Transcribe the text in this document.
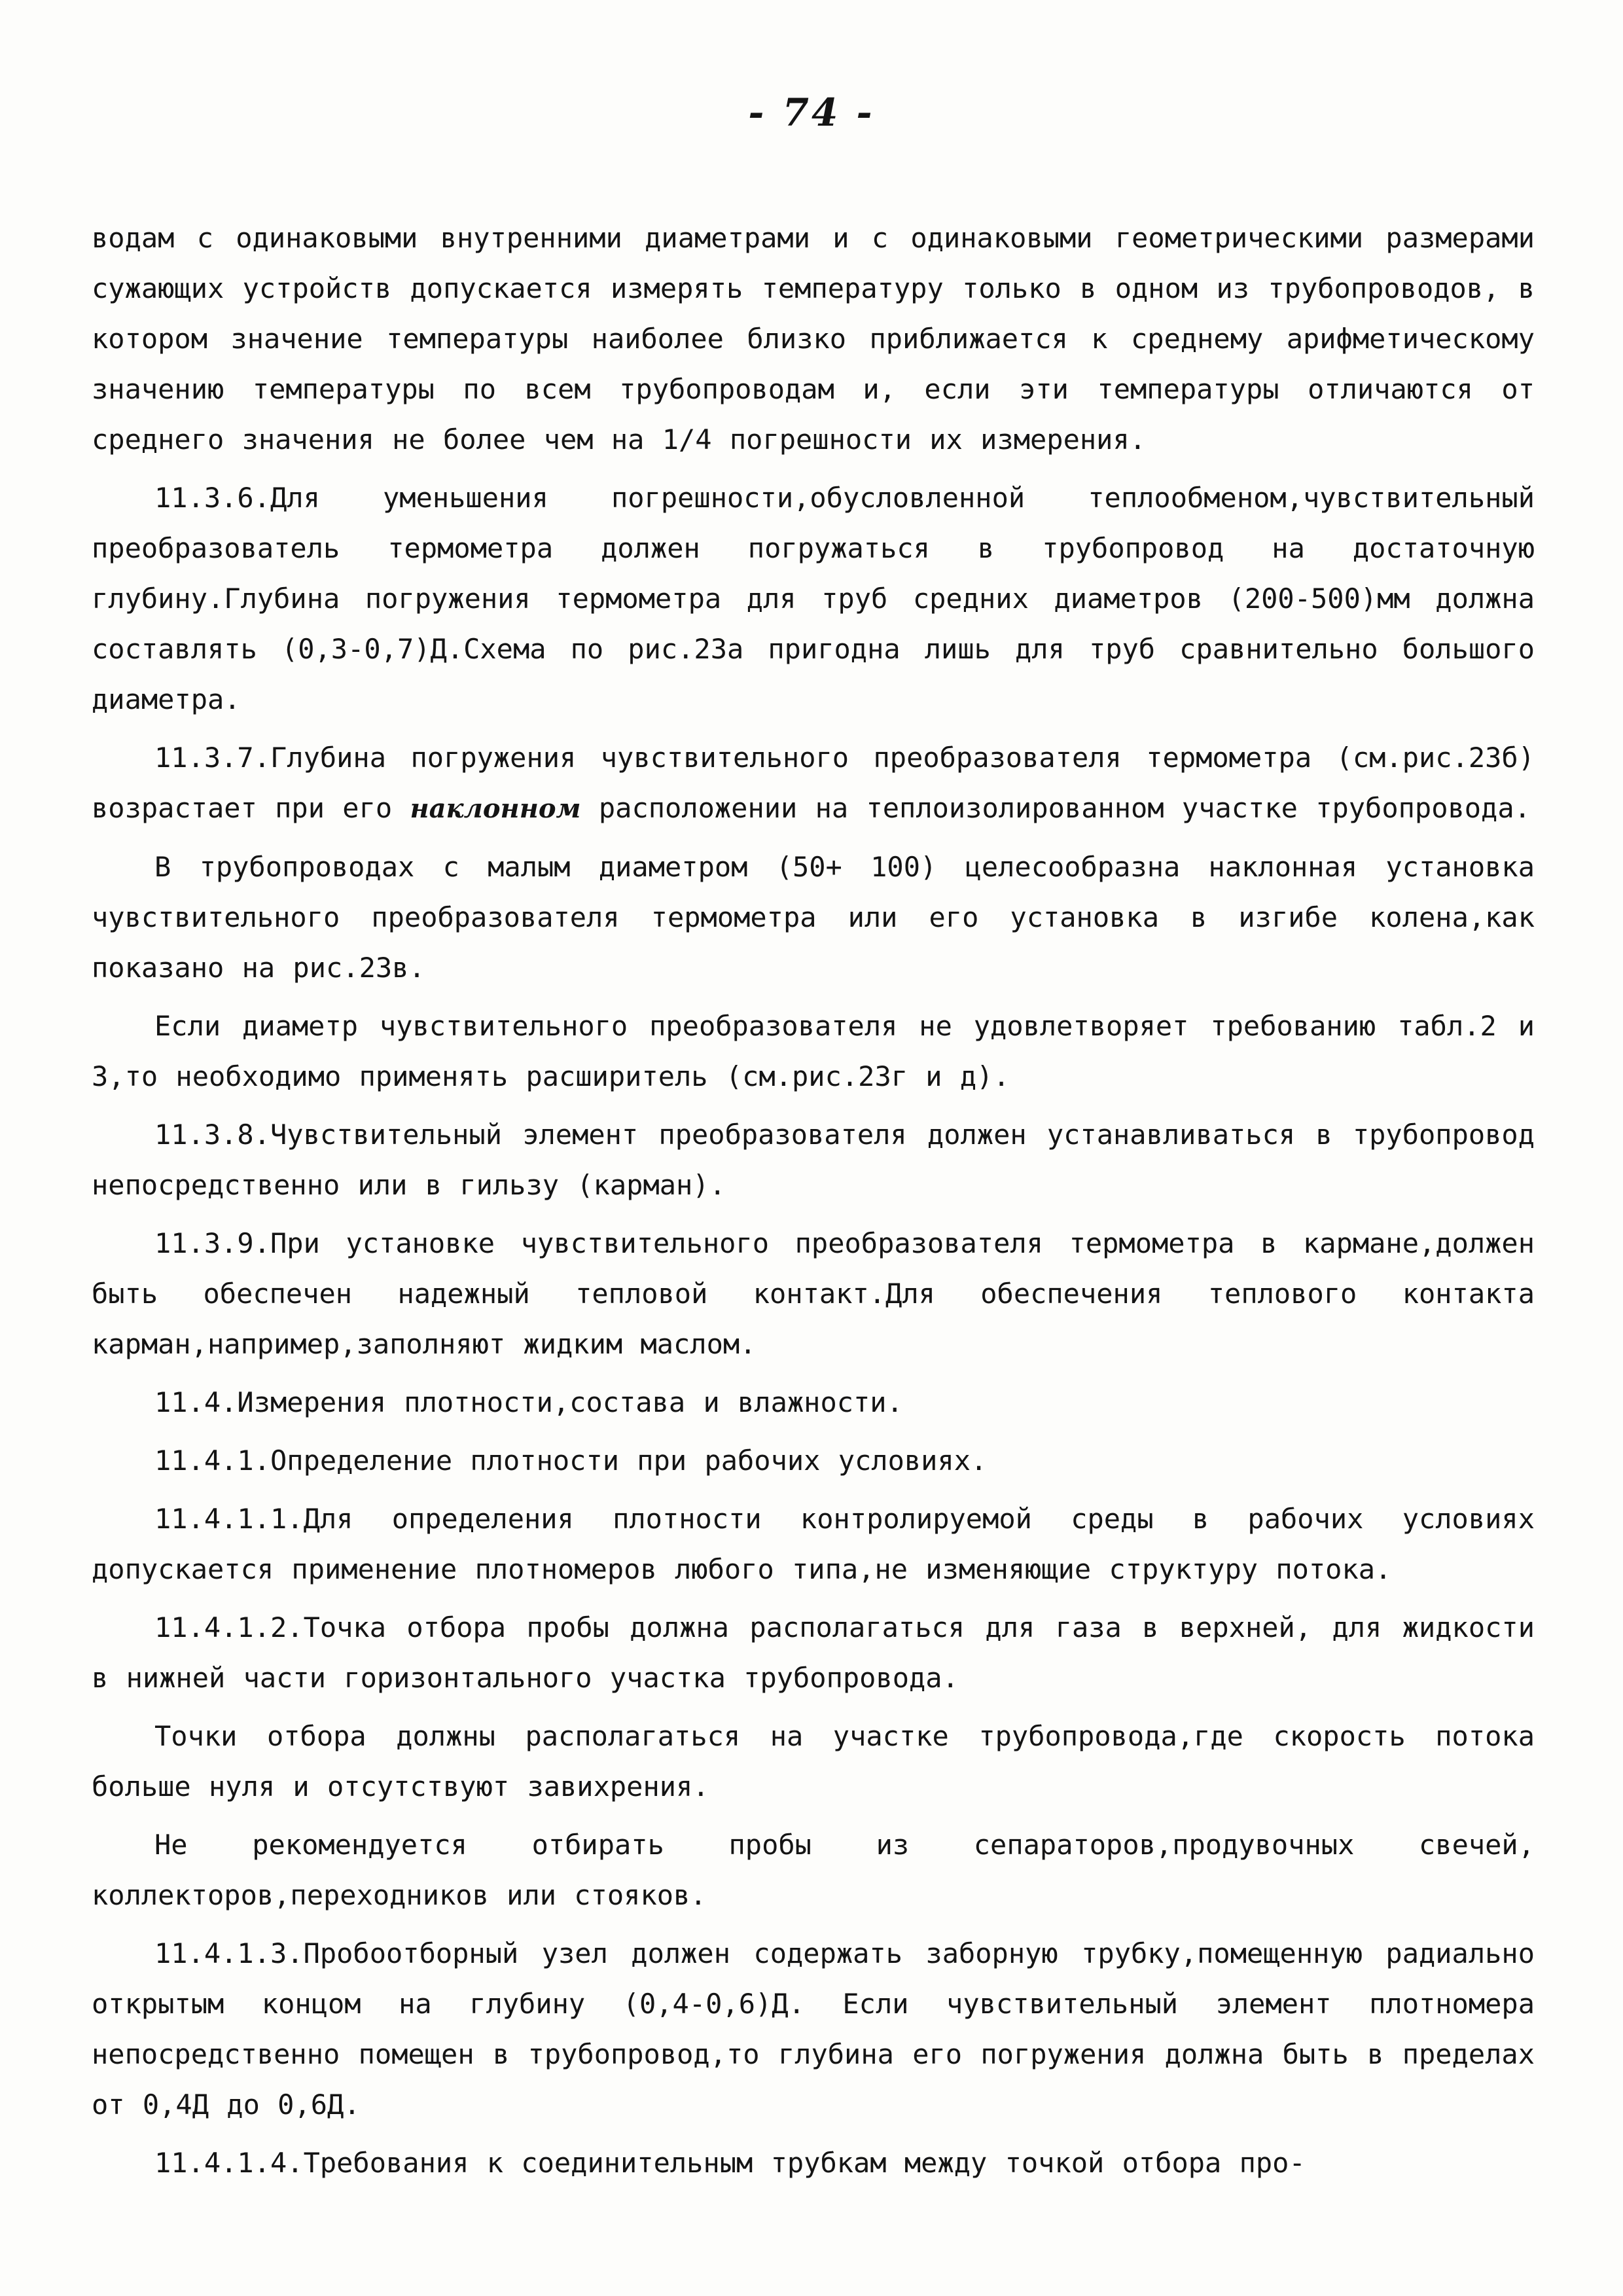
- 74 -

водам с одинаковыми внутренними диаметрами и с одинаковыми геометрическими размерами сужающих устройств допускается измерять температуру только в одном из трубопроводов, в котором значение температуры наиболее близко приближается к среднему арифметическому значению температуры по всем трубопроводам и, если эти температуры отличаются от среднего значения не более чем на 1/4 погрешности их измерения.

11.3.6.Для уменьшения погрешности,обусловленной теплообменом,чувствительный преобразователь термометра должен погружаться в трубопровод на достаточную глубину.Глубина погружения термометра для труб средних диаметров (200-500)мм должна составлять (0,3-0,7)Д.Схема по рис.23а пригодна лишь для труб сравнительно большого диаметра.

11.3.7.Глубина погружения чувствительного преобразователя термометра (см.рис.23б) возрастает при его наклонном расположении на теплоизолированном участке трубопровода.

В трубопроводах с малым диаметром (50+ 100) целесообразна наклонная установка чувствительного преобразователя термометра или его установка в изгибе колена,как показано на рис.23в.

Если диаметр чувствительного преобразователя не удовлетворяет требованию табл.2 и 3,то необходимо применять расширитель (см.рис.23г и д).

11.3.8.Чувствительный элемент преобразователя должен устанавливаться в трубопровод непосредственно или в гильзу (карман).

11.3.9.При установке чувствительного преобразователя термометра в кармане,должен быть обеспечен надежный тепловой контакт.Для обеспечения теплового контакта карман,например,заполняют жидким маслом.

11.4.Измерения плотности,состава и влажности.

11.4.1.Определение плотности при рабочих условиях.

11.4.1.1.Для определения плотности контролируемой среды в рабочих условиях допускается применение плотномеров любого типа,не изменяющие структуру потока.

11.4.1.2.Точка отбора пробы должна располагаться для газа в верхней, для жидкости в нижней части горизонтального участка трубопровода.

Точки отбора должны располагаться на участке трубопровода,где скорость потока больше нуля и отсутствуют завихрения.

Не рекомендуется отбирать пробы из сепараторов,продувочных свечей, коллекторов,переходников или стояков.

11.4.1.3.Пробоотборный узел должен содержать заборную трубку,помещенную радиально открытым концом на глубину (0,4-0,6)Д. Если чувствительный элемент плотномера непосредственно помещен в трубопровод,то глубина его погружения должна быть в пределах от 0,4Д до 0,6Д.

11.4.1.4.Требования к соединительным трубкам между точкой отбора про-
